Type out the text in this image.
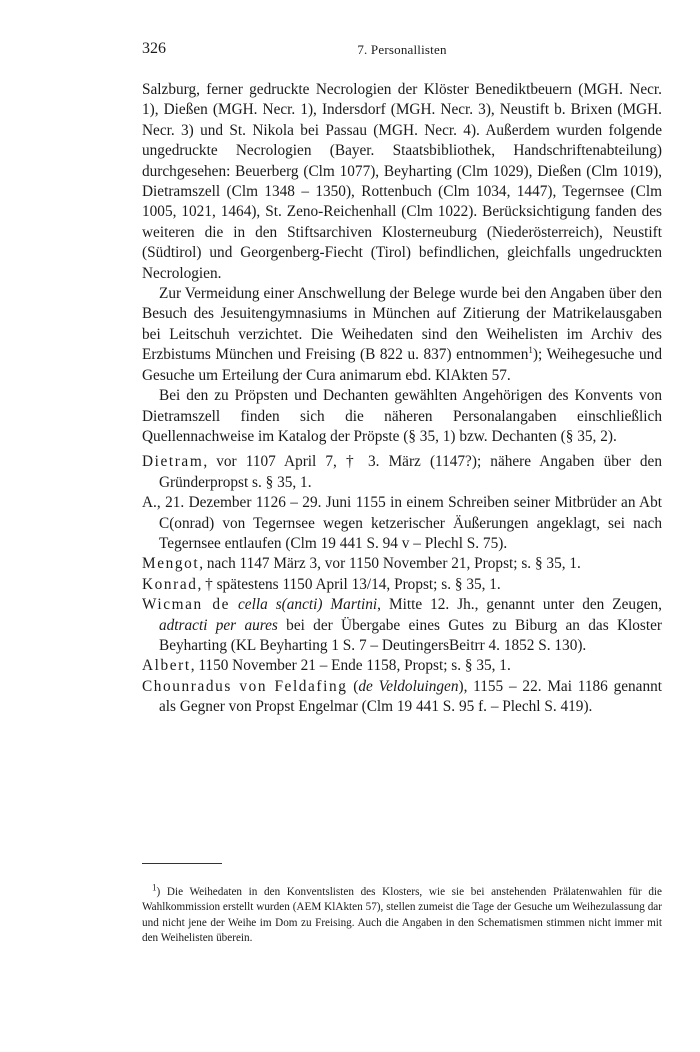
326	7. Personallisten

Salzburg, ferner gedruckte Necrologien der Klöster Benediktbeuern (MGH. Necr. 1), Dießen (MGH. Necr. 1), Indersdorf (MGH. Necr. 3), Neustift b. Brixen (MGH. Necr. 3) und St. Nikola bei Passau (MGH. Necr. 4). Außerdem wurden folgende ungedruckte Necrologien (Bayer. Staatsbibliothek, Handschriftenabteilung) durchgesehen: Beuerberg (Clm 1077), Beyharting (Clm 1029), Dießen (Clm 1019), Dietramszell (Clm 1348 – 1350), Rottenbuch (Clm 1034, 1447), Tegernsee (Clm 1005, 1021, 1464), St. Zeno-Reichenhall (Clm 1022). Berücksichtigung fanden des weiteren die in den Stiftsarchiven Klosterneuburg (Niederösterreich), Neustift (Südtirol) und Georgenberg-Fiecht (Tirol) befindlichen, gleichfalls ungedruckten Necrologien.

Zur Vermeidung einer Anschwellung der Belege wurde bei den Angaben über den Besuch des Jesuitengymnasiums in München auf Zitierung der Matrikelausgaben bei Leitschuh verzichtet. Die Weihedaten sind den Weihelisten im Archiv des Erzbistums München und Freising (B 822 u. 837) entnommen$^1$); Weihegesuche und Gesuche um Erteilung der Cura animarum ebd. KlAkten 57.

Bei den zu Pröpsten und Dechanten gewählten Angehörigen des Konvents von Dietramszell finden sich die näheren Personalangaben einschließlich Quellennachweise im Katalog der Pröpste (§ 35, 1) bzw. Dechanten (§ 35, 2).

Dietram, vor 1107 April 7, † 3. März (1147?); nähere Angaben über den Gründerpropst s. § 35, 1.

A., 21. Dezember 1126 – 29. Juni 1155 in einem Schreiben seiner Mitbrüder an Abt C(onrad) von Tegernsee wegen ketzerischer Äußerungen angeklagt, sei nach Tegernsee entlaufen (Clm 19 441 S. 94 v – Plechl S. 75).

Mengot, nach 1147 März 3, vor 1150 November 21, Propst; s. § 35, 1.

Konrad, † spätestens 1150 April 13/14, Propst; s. § 35, 1.

Wicman de cella s(ancti) Martini, Mitte 12. Jh., genannt unter den Zeugen, adtracti per aures bei der Übergabe eines Gutes zu Biburg an das Kloster Beyharting (KL Beyharting 1 S. 7 – DeutingersBeitrr 4. 1852 S. 130).

Albert, 1150 November 21 – Ende 1158, Propst; s. § 35, 1.

Chounradus von Feldafing (de Veldoluingen), 1155 – 22. Mai 1186 genannt als Gegner von Propst Engelmar (Clm 19 441 S. 95 f. – Plechl S. 419).

$^1$) Die Weihedaten in den Konventslisten des Klosters, wie sie bei anstehenden Prälatenwahlen für die Wahlkommission erstellt wurden (AEM KlAkten 57), stellen zumeist die Tage der Gesuche um Weihezulassung dar und nicht jene der Weihe im Dom zu Freising. Auch die Angaben in den Schematismen stimmen nicht immer mit den Weihelisten überein.
